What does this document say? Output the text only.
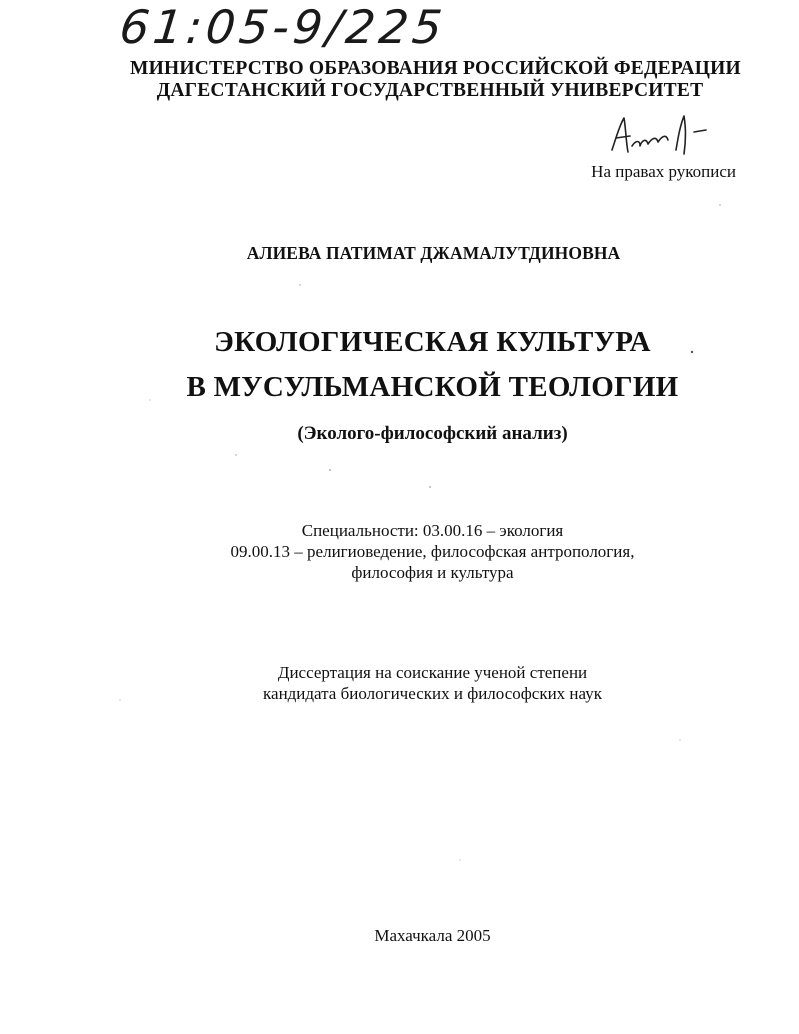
61:05-9/225
МИНИСТЕРСТВО ОБРАЗОВАНИЯ РОССИЙСКОЙ ФЕДЕРАЦИИ
ДАГЕСТАНСКИЙ ГОСУДАРСТВЕННЫЙ УНИВЕРСИТЕТ
На правах рукописи
АЛИЕВА ПАТИМАТ ДЖАМАЛУТДИНОВНА
ЭКОЛОГИЧЕСКАЯ КУЛЬТУРА
В МУСУЛЬМАНСКОЙ ТЕОЛОГИИ
(Эколого-философский анализ)
Специальности: 03.00.16 – экология
09.00.13 – религиоведение, философская антропология,
философия и культура
Диссертация на соискание ученой степени
кандидата биологических и философских наук
Махачкала 2005
